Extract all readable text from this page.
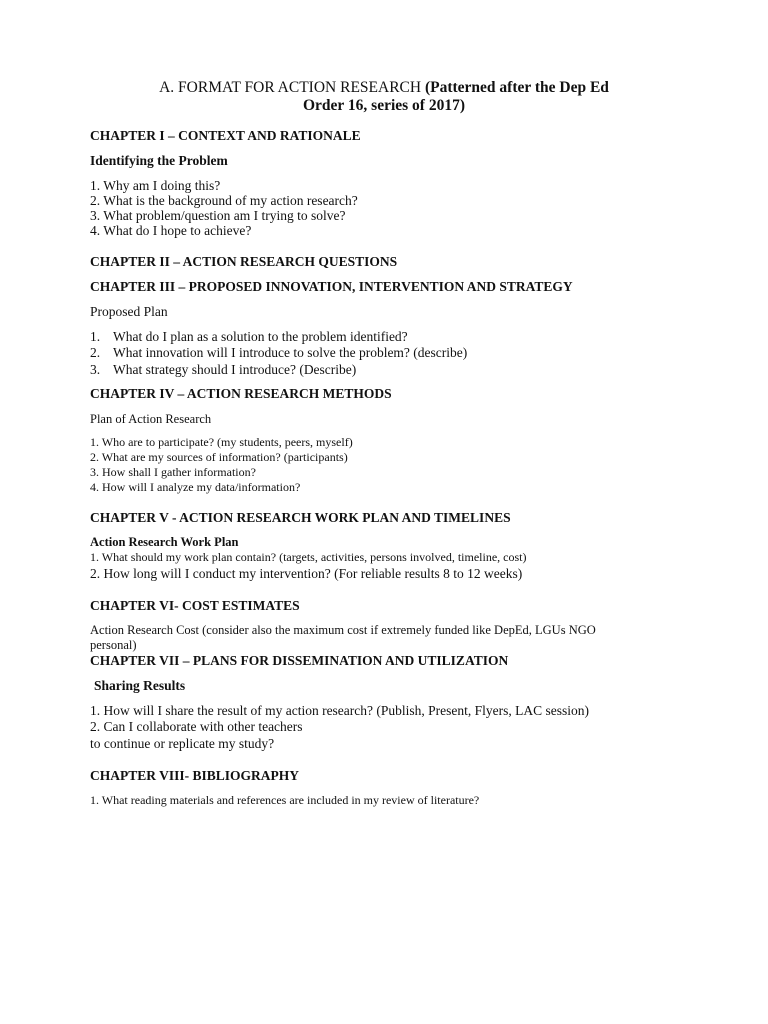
A. FORMAT FOR ACTION RESEARCH (Patterned after the Dep Ed
Order 16, series of 2017)
CHAPTER I – CONTEXT AND RATIONALE
Identifying the Problem
1. Why am I doing this?
2. What is the background of my action research?
3. What problem/question am I trying to solve?
4. What do I hope to achieve?
CHAPTER II – ACTION RESEARCH QUESTIONS
CHAPTER III – PROPOSED INNOVATION, INTERVENTION AND STRATEGY
Proposed Plan
1. What do I plan as a solution to the problem identified?
2. What innovation will I introduce to solve the problem? (describe)
3. What strategy should I introduce? (Describe)
CHAPTER IV – ACTION RESEARCH METHODS
Plan of Action Research
1. Who are to participate? (my students, peers, myself)
2. What are my sources of information? (participants)
3. How shall I gather information?
4. How will I analyze my data/information?
CHAPTER V - ACTION RESEARCH WORK PLAN AND TIMELINES
Action Research Work Plan
1. What should my work plan contain? (targets, activities, persons involved, timeline, cost)
2. How long will I conduct my intervention? (For reliable results 8 to 12 weeks)
CHAPTER VI- COST ESTIMATES
Action Research Cost (consider also the maximum cost if extremely funded like DepEd, LGUs NGO
personal)
CHAPTER VII – PLANS FOR DISSEMINATION AND UTILIZATION
Sharing Results
1. How will I share the result of my action research? (Publish, Present, Flyers, LAC session)
2. Can I collaborate with other teachers
to continue or replicate my study?
CHAPTER VIII- BIBLIOGRAPHY
1. What reading materials and references are included in my review of literature?
